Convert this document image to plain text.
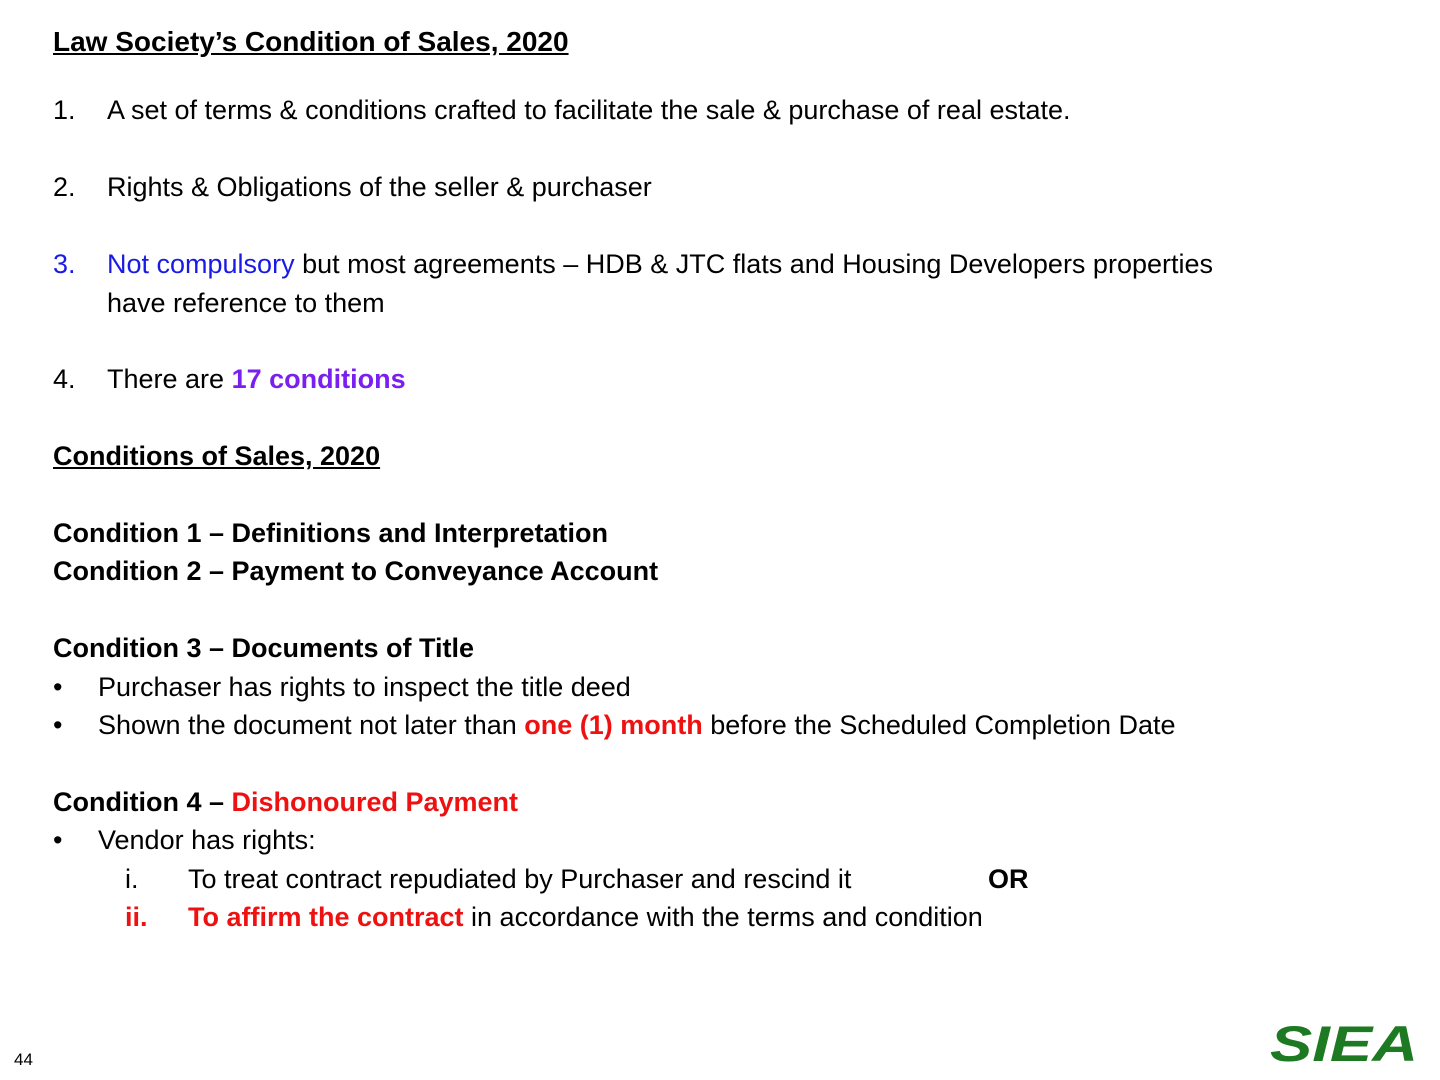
Law Society’s Condition of Sales, 2020
1. A set of terms & conditions crafted to facilitate the sale & purchase of real estate.
2. Rights & Obligations of the seller & purchaser
3. Not compulsory but most agreements – HDB & JTC flats and Housing Developers properties
have reference to them
4. There are 17 conditions
Conditions of Sales, 2020
Condition 1 – Definitions and Interpretation
Condition 2 – Payment to Conveyance Account
Condition 3 – Documents of Title
• Purchaser has rights to inspect the title deed
• Shown the document not later than one (1) month before the Scheduled Completion Date
Condition 4 – Dishonoured Payment
• Vendor has rights:
i. To treat contract repudiated by Purchaser and rescind it	OR
ii. To affirm the contract in accordance with the terms and condition
44	SIEA
